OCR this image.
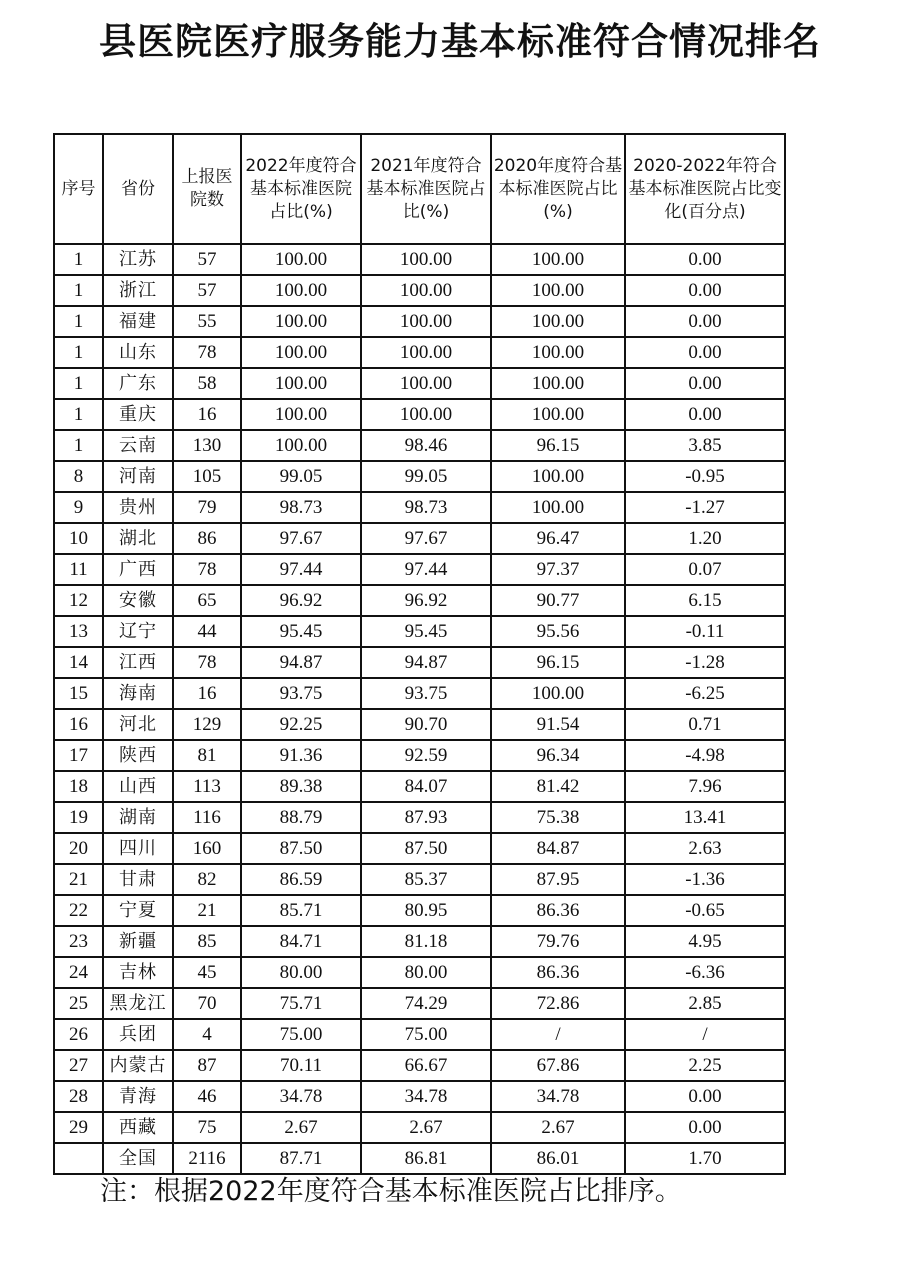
县医院医疗服务能力基本标准符合情况排名
序号	省份	上报医院数	2022年度符合基本标准医院占比(%)	2021年度符合基本标准医院占比(%)	2020年度符合基本标准医院占比(%)	2020-2022年符合基本标准医院占比变化(百分点)
1	江苏	57	100.00	100.00	100.00	0.00
1	浙江	57	100.00	100.00	100.00	0.00
1	福建	55	100.00	100.00	100.00	0.00
1	山东	78	100.00	100.00	100.00	0.00
1	广东	58	100.00	100.00	100.00	0.00
1	重庆	16	100.00	100.00	100.00	0.00
1	云南	130	100.00	98.46	96.15	3.85
8	河南	105	99.05	99.05	100.00	-0.95
9	贵州	79	98.73	98.73	100.00	-1.27
10	湖北	86	97.67	97.67	96.47	1.20
11	广西	78	97.44	97.44	97.37	0.07
12	安徽	65	96.92	96.92	90.77	6.15
13	辽宁	44	95.45	95.45	95.56	-0.11
14	江西	78	94.87	94.87	96.15	-1.28
15	海南	16	93.75	93.75	100.00	-6.25
16	河北	129	92.25	90.70	91.54	0.71
17	陕西	81	91.36	92.59	96.34	-4.98
18	山西	113	89.38	84.07	81.42	7.96
19	湖南	116	88.79	87.93	75.38	13.41
20	四川	160	87.50	87.50	84.87	2.63
21	甘肃	82	86.59	85.37	87.95	-1.36
22	宁夏	21	85.71	80.95	86.36	-0.65
23	新疆	85	84.71	81.18	79.76	4.95
24	吉林	45	80.00	80.00	86.36	-6.36
25	黑龙江	70	75.71	74.29	72.86	2.85
26	兵团	4	75.00	75.00	/	/
27	内蒙古	87	70.11	66.67	67.86	2.25
28	青海	46	34.78	34.78	34.78	0.00
29	西藏	75	2.67	2.67	2.67	0.00
	全国	2116	87.71	86.81	86.01	1.70
注：根据2022年度符合基本标准医院占比排序。
